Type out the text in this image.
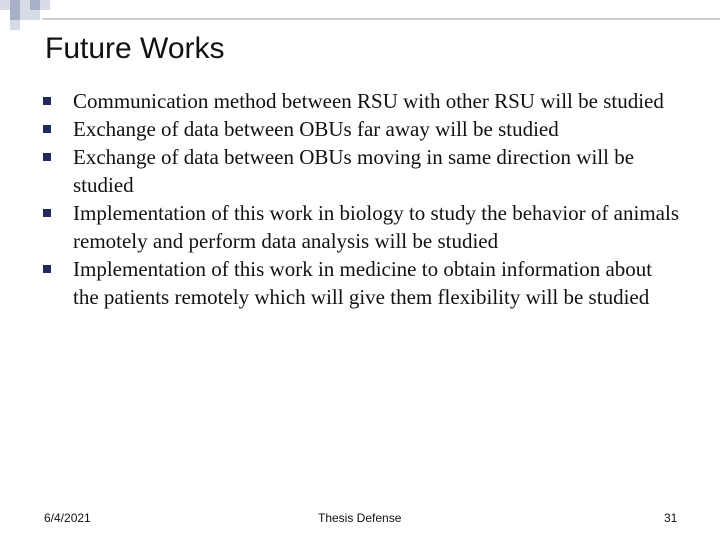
Future Works
Communication method between RSU with other RSU will be studied
Exchange of data between OBUs far away will be studied
Exchange of data between OBUs moving in same direction will be studied
Implementation of this work in biology to study the behavior of animals remotely and perform data analysis will be studied
Implementation of this work in medicine to obtain information about the patients remotely which will give them flexibility will be studied
6/4/2021	Thesis Defense	31
